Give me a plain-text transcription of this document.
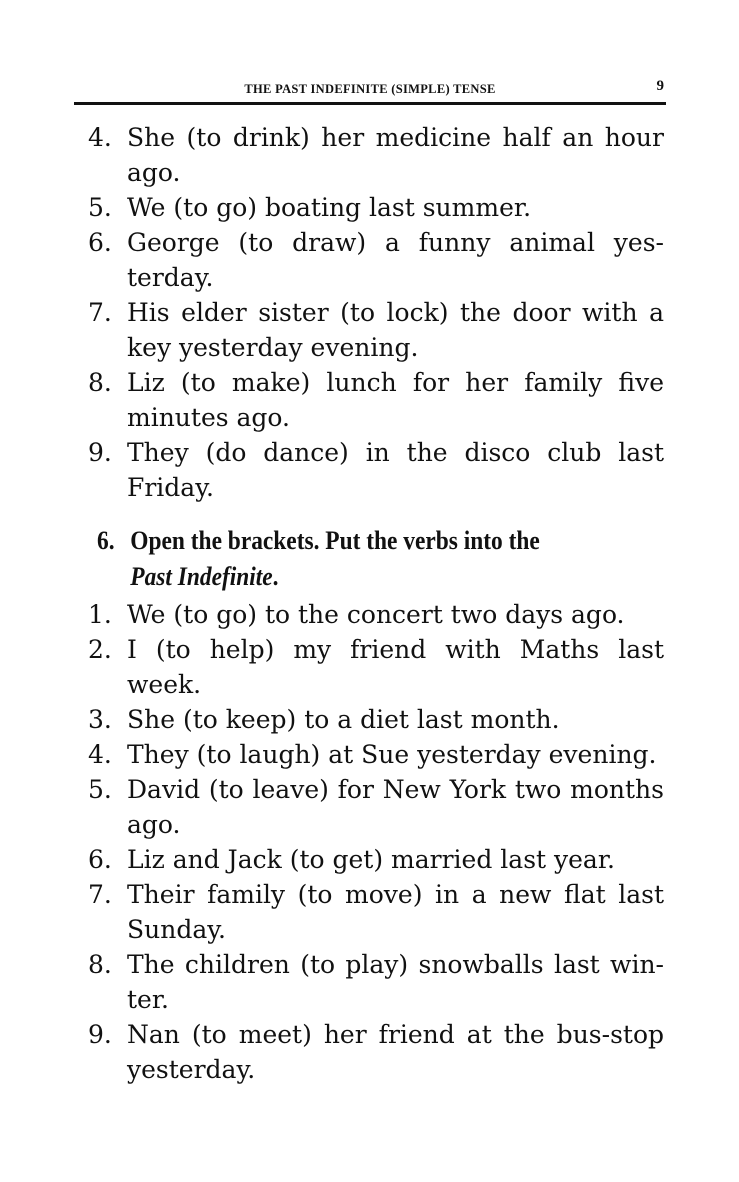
THE PAST INDEFINITE (SIMPLE) TENSE	9
4. She (to drink) her medicine half an hour ago.
5. We (to go) boating last summer.
6. George (to draw) a funny animal yes-terday.
7. His elder sister (to lock) the door with a key yesterday evening.
8. Liz (to make) lunch for her family five minutes ago.
9. They (do dance) in the disco club last Friday.
6. Open the brackets. Put the verbs into the
Past Indefinite.
1. We (to go) to the concert two days ago.
2. I (to help) my friend with Maths last week.
3. She (to keep) to a diet last month.
4. They (to laugh) at Sue yesterday evening.
5. David (to leave) for New York two months ago.
6. Liz and Jack (to get) married last year.
7. Their family (to move) in a new flat last Sunday.
8. The children (to play) snowballs last win-ter.
9. Nan (to meet) her friend at the bus-stop yesterday.
